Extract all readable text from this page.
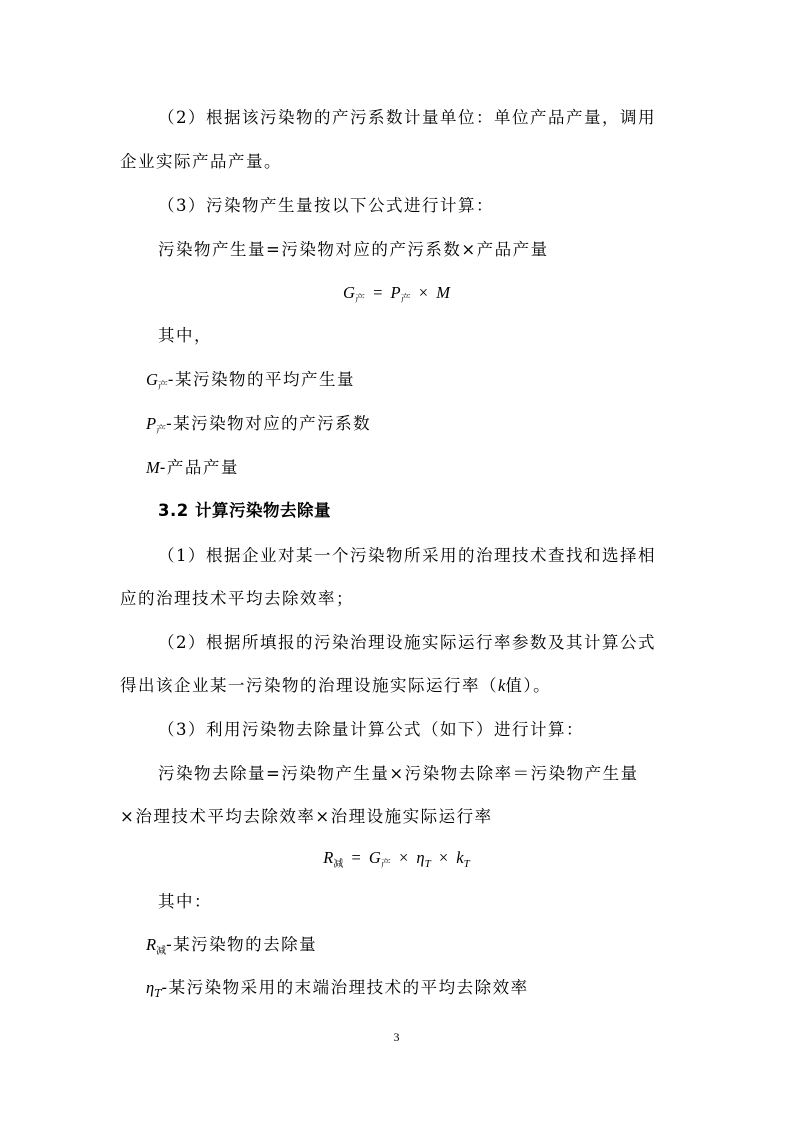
（2）根据该污染物的产污系数计量单位：单位产品产量，调用
企业实际产品产量。
（3）污染物产生量按以下公式进行计算：
污染物产生量=污染物对应的产污系数×产品产量
$G_产 = P_产 \times M$
其中，
$G_产-$某污染物的平均产生量
$P_产-$某污染物对应的产污系数
M-产品产量
3.2 计算污染物去除量
（1）根据企业对某一个污染物所采用的治理技术查找和选择相
应的治理技术平均去除效率；
（2）根据所填报的污染治理设施实际运行率参数及其计算公式
得出该企业某一污染物的治理设施实际运行率（k值）。
（3）利用污染物去除量计算公式（如下）进行计算：
污染物去除量=污染物产生量×污染物去除率＝污染物产生量
×治理技术平均去除效率×治理设施实际运行率
$R_减 = G_产 \times \eta_T \times k_T$
其中：
$R_减-$某污染物的去除量
$\eta_T-$某污染物采用的末端治理技术的平均去除效率
3
